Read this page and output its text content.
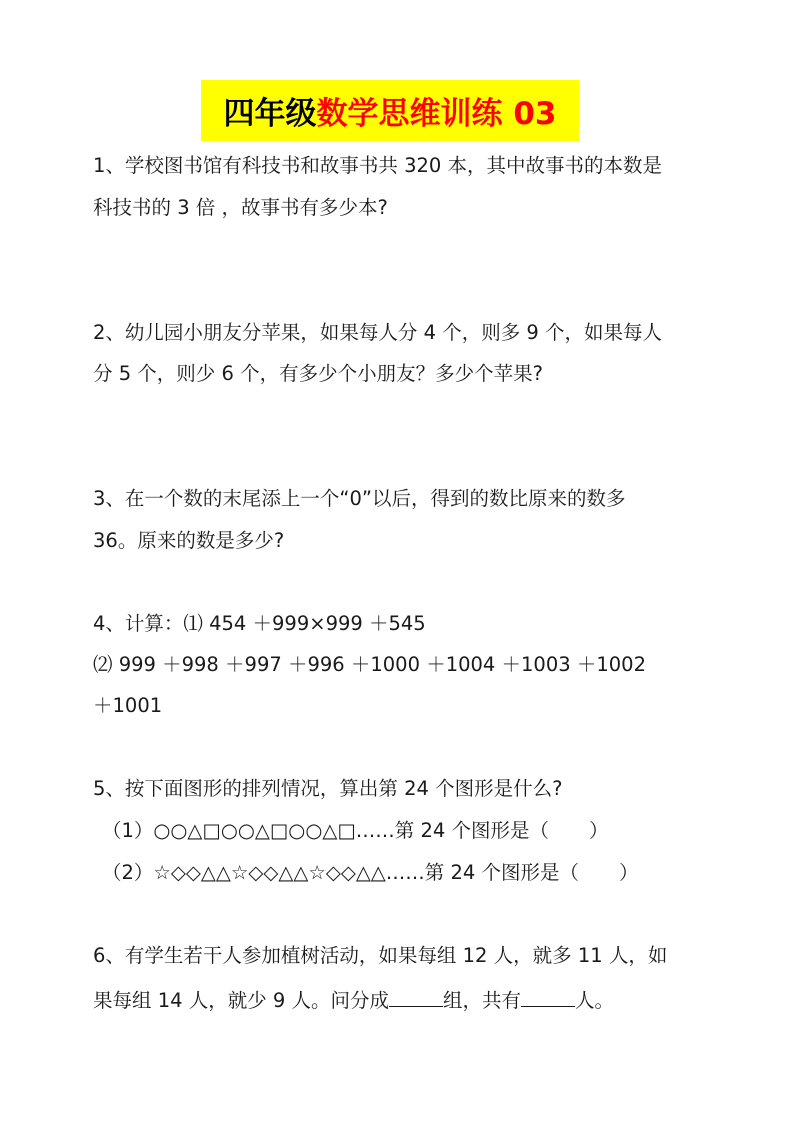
四年级 数学思维训练 03
1、学校图书馆有科技书和故事书共 320 本，其中故事书的本数是
科技书的 3 倍 ，故事书有多少本?
2、幼儿园小朋友分苹果，如果每人分 4 个，则多 9 个，如果每人
分 5 个，则少 6 个，有多少个小朋友？多少个苹果?
3、在一个数的末尾添上一个“0”以后，得到的数比原来的数多
36。原来的数是多少?
4、计算：⑴ 454 ＋999×999 ＋545
⑵ 999 ＋998 ＋997 ＋996 ＋1000 ＋1004 ＋1003 ＋1002
＋1001
5、按下面图形的排列情况，算出第 24 个图形是什么?
（1）○○△□○○△□○○△□……第 24 个图形是（ ）
（2）☆◇◇△△☆◇◇△△☆◇◇△△……第 24 个图形是（ ）
6、有学生若干人参加植树活动，如果每组 12 人，就多 11 人，如
果每组 14 人，就少 9 人。问分成	组，共有	人。
